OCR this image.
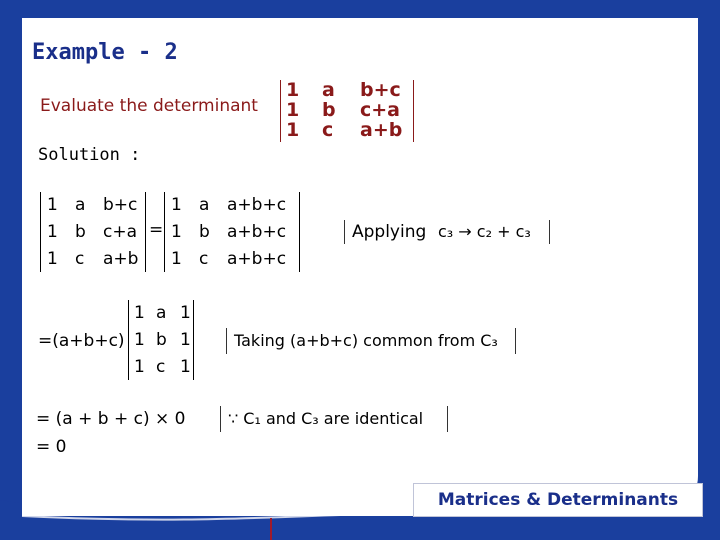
Example - 2
Evaluate the determinant
1	a	b+c
1	b	c+a
1	c	a+b
Solution :
1	a	b+c
1	b	c+a
1	c	a+b
=
1	a	a+b+c
1	b	a+b+c
1	c	a+b+c
Applying c₃ → c₂ + c₃
=(a+b+c)
1 a 1
1 b 1
1 c 1
Taking (a+b+c) common from C₃
= (a + b + c) × 0	∵ C₁ and C₃ are identical
= 0
Matrices & Determinants
